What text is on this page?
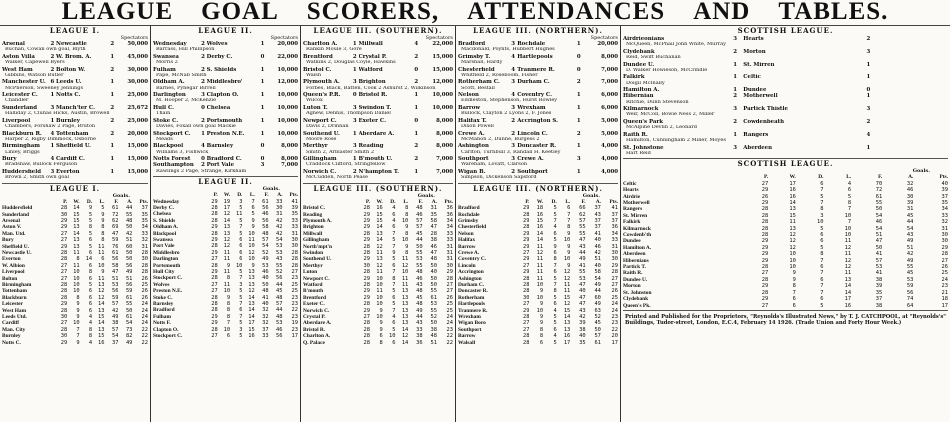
LEAGUE GOAL SCORERS, ATTENDANCES AND TABLES.
LEAGUE I.
Spectators
Arsenal	2	Newcastle	2	50,000
Buchan, Cowan own goal, Blyth
Aston Villa	2	W. Brom. A.	1	45,000
Walker, Capewell Byers
West Ham	2	Bolton W.	2	30,000
Gibbins, Watson Butler
Manchester U.	6	Leeds U.	1	30,000
McPherson, Sweeney Jennings
Leicester C.	1	Notts C.	1	25,000
Chandler
Sunderland	3	Manch'ter C.	2	25,672
Halliday 2, Clunas Hicks, Austin, Browell
Liverpool	1	Burnley	2	25,000
Chambers, Forshaw 2 Page, Bruton
Blackburn R.	4	Tottenham	2	20,000
Harper 2, Rigby Dimmock, Osborne
Birmingham	1	Sheffield U.	1	15,000
Linley, Briggs
Bury	4	Cardiff C.	1	15,000
Bradshaw, Bullock Ferguson
Huddersfield	3	Everton	1	15,000
Brown 2, Smith own goal
LEAGUE I.
Goals.
	P.	W.	D.	L.	F.	A.	Pts.
Huddersfield	28	14	9	5	61	44	37
Sunderland	30	15	5	9	72	55	35
Arsenal	29	15	5	9	62	48	35
Aston V.	29	13	8	8	69	50	34
Man. Utd.	27	14	5	8	47	42	33
Bury	27	13	6	8	59	51	32
Sheffield U.	29	13	5	11	76	60	31
Newcastle U.	28	11	6	11	61	50	28
Everton	28	8	14	6	56	50	30
W. Albion	27	11	6	10	58	56	28
Liverpool	27	10	8	9	47	49	28
Bolton	27	10	6	11	51	51	26
Birmingham	28	10	5	13	53	56	25
Tottenham	28	10	6	12	56	59	26
Blackburn	28	8	6	12	59	61	26
Leicester	29	9	6	14	57	55	24
West Ham	28	9	6	13	42	50	24
Leeds Utd.	30	9	4	15	49	61	24
Cardiff	27	10	4	14	38	54	24
Man. City	28	7	8	13	57	73	22
Burnley	30	7	8	15	54	82	22
Notts C.	29	9	4	16	37	49	22
LEAGUE II.
Spectators
Wednesday	2	Wolves	1	20,000
Barrass, Hill Phillipson
Swansea	2	Derby C.	0	22,000
Morris 2
Fulham	2	S. Shields	1	10,000
Pape, McNab Smith
Oldham A.	2	Middlesbro'	1	12,000
Barnes, Pynegar Birrell
Darlington	3	Clapton O.	1	10,000
M. Hooper 2, McKenzie
Hull C.	0	Chelsea	1	10,000
Thain
Stoke C.	2	Portsmouth	1	10,000
Davies, Foxall own goal Mackie
Stockport C.	1	Preston N.E.	1	10,000
Meads
Blackpool	4	Barnsley	0	8,000
Williams 3, Fishwick
Notts Forest	0	Bradford C.	0	8,000
Southampton	2	Port Vale	3	7,000
Rawlings 2 Page, Strange, Kirkham
LEAGUE II.
Goals.
	P.	W.	D.	L.	F.	A.	Pts.
Wednesday	29	19	3	7	61	33	41
Derby C.	28	17	5	6	56	30	39
Chelsea	28	12	11	5	46	31	35
S. Shields	28	14	5	9	56	42	33
Oldham A.	29	13	7	9	58	42	33
Blackpool	28	13	5	10	48	42	31
Swansea	29	12	6	11	57	54	30
Port Vale	28	12	6	10	54	53	30
Middlesbro	29	11	6	12	52	53	28
Darlington	27	11	6	10	49	43	28
Portsmouth	28	9	10	9	53	55	28
Hull City	29	11	5	13	46	52	27
Stockport C.	28	8	7	13	40	56	23
Wolves	27	11	3	13	50	44	25
Preston N.E.	27	10	5	12	48	45	25
Stoke C.	28	9	5	14	41	48	23
Barnsley	28	8	7	13	40	57	23
Bradford	28	8	6	14	32	44	22
Fulham	29	8	7	14	32	48	23
Notts F.	29	7	5	17	32	53	19
Clapton O.	28	10	3	15	37	46	23
Stockport C.	27	6	5	16	33	56	17
LEAGUE III. (SOUTHERN).
Spectators
Charlton A.	1	Millwall	4	22,000
Rankin Moule 3, Gore
Brentford	2	Crystal P.	2	15,000
Watkins 2, Douglas Coyle, Hawkins
Bristol C.	1	Watford	0	15,000
Walsh
Plymouth A.	3	Brighton	2	12,000
Forbes, Black, Batten, Cook 2 Ashurst 2, Wilkinson
Queen's P.R.	0	Bristol R.	1	10,000
Wilcox
Luton T.	3	Swindon T.	1	10,000
Agnew, Dennis, Thompson Daniel
Newport C.	3	Exeter C.	0	8,000
Davis 2, Drinnan
Southend U.	1	Aberdare A.	1	8,000
Moore Rose
Merthyr	3	Reading	2	8,000
Smith 2, Arblaster Smith 2
Gillingham	1	B'mouth U.	2	7,000
Craddock Clifford, Stringfellow
Norwich C.	2	N'hampton T.	1	7,000
McCudden, North Pease
LEAGUE III. (SOUTHERN).
Goals.
	P.	W.	D.	L.	F.	A.	Pts.
Bristol C.	28	16	4	8	48	31	36
Reading	29	15	6	8	46	35	36
Plymouth A.	29	15	4	10	57	58	34
Brighton	29	14	6	9	57	47	34
Millwall	28	13	7	8	45	28	33
Gillingham	29	14	5	10	44	38	33
North'mpt'n	28	12	7	9	50	46	31
Swindon	28	11	9	8	55	47	31
Southend U.	29	13	5	11	53	48	31
Merthyr	30	12	6	12	55	50	30
Luton	28	11	7	10	48	40	29
Newport C.	29	10	8	11	46	50	28
Watford	28	10	7	11	43	50	27
B'mouth	29	11	5	13	48	55	27
Brentford	29	10	6	13	45	61	26
Exeter C.	28	10	5	13	48	53	25
Norwich C.	29	9	7	13	49	55	25
Crystal P.	27	10	4	13	44	52	24
Aberdare A.	28	9	6	13	43	50	24
Bristol R.	28	9	5	14	33	38	23
Charlton A.	28	6	10	12	38	48	22
Q. Palace	28	8	6	14	36	51	22
LEAGUE III. (NORTHERN).
Spectators
Bradford	3	Rochdale	1	20,000
Macdonald, Poynts, Hubbert Hughes
Grimsby T.	4	Hartlepools	0	8,000
Marshall, Hardy
Chesterfield	4	Tranmere R.	0	7,000
Whitfield 2, Roseboom, Fisher
Rotherham C.	3	Durham C.	2	7,000
Scott, Bestall
Nelson	4	Coventry C.	1	6,000
Eddleston, Stephenson, Hurst Rowley
Barrow	3	Wrexham	1	6,000
Bullock, Clayton 2 Lyons 2, F. Jones
Halifax T.	2	Accrington S.	1	5,000
Dixon Powell
Crewe A.	2	Lincoln C.	2	5,000
McMahon 2, Dunne, Burgess 2
Ashington	3	Doncaster R.	1	4,000
Carlton, Turnbull 3, Randall H. Keetley
Southport	3	Crewe A.	3	4,000
Wareham, Lovatt, Clarson
Wigan B.	2	Southport	1	4,000
Simpson, Dickenson Sapsford
LEAGUE III. (NORTHERN).
Goals.
	P.	W.	D.	L.	F.	A.	Pts.
Bradford	29	18	5	6	66	37	41
Rochdale	28	16	5	7	62	43	37
Grimsby	29	15	7	7	57	37	37
Chesterfield	28	16	4	8	55	37	36
Nelson	29	14	6	9	55	41	34
Halifax	29	14	5	10	47	40	33
Barrow	29	11	9	9	43	46	31
Crewe A.	27	12	6	9	44	42	30
Coventry C.	29	11	8	10	49	51	30
Lincoln	27	11	7	9	41	40	29
Accrington	29	11	6	12	55	58	28
Ashington	28	11	5	12	53	54	27
Durham C.	28	10	7	11	47	49	27
Doncaster R.	28	9	8	11	40	44	26
Rotherham	30	10	5	15	47	60	25
Hartlepools	27	9	6	12	47	49	24
Tranmere R.	29	10	4	15	43	63	24
Wrexham	28	9	5	14	42	52	23
Wigan Boro	27	9	5	13	39	45	23
Southport	27	8	6	13	38	50	22
Barrow	28	8	4	16	40	57	20
Walsall	28	6	5	17	35	61	17
SCOTTISH LEAGUE.
Airdrieonians	3	Hearts	2	
McQueen, McPhail John White, Murray
Clydebank	2	Morton	3	
Reid, Swift Buchanan
Dundee U.	1	St. Mirren	1	
D. Walker Howieson, McCrindle
Falkirk	1	Celtic	1	
Doigil McInally
Hamilton A.	1	Dundee	0	
Hibernian	2	Motherwell	1	
Ritchie, Dunn Stevenson
Kilmarnock	3	Partick Thistle	3	
Weir, McColl, Bowie Ness 2, Miller
Queen's Park	2	Cowdenbeath	2	
McAlpine Devlin 2, Leonard
Raith R.	1	Rangers	4	
Hamilton, Cunningham 2 Miller, Moyes
St. Johnstone	3	Aberdeen	1	
Hart Reid
SCOTTISH LEAGUE.
Goals.
	P.	W.	D.	L.	F.	A.	Pts.
Celtic	27	17	6	4	70	32	40
Hearts	29	16	7	6	72	46	39
Airdrie	26	16	5	5	61	30	37
Motherwell	29	14	7	8	55	39	35
Rangers	28	13	8	7	50	31	34
St. Mirren	28	15	3	10	54	45	33
Falkirk	28	11	10	7	46	44	32
Kilmarnock	28	13	5	10	54	54	31
Cowdenb'th	28	12	6	10	51	43	30
Dundee	29	12	6	11	47	49	30
Hamilton A.	29	12	5	12	50	51	29
Aberdeen	29	10	8	11	41	42	28
Hibernians	29	10	7	12	57	49	27
Partick T.	28	10	6	12	53	55	26
Raith R.	27	9	7	11	41	45	25
Dundee U.	28	9	6	13	38	53	24
Morton	29	8	7	14	39	59	23
St. Johnston	28	7	7	14	35	56	21
Clydebank	29	6	6	17	37	74	18
Queen's Pk.	27	6	5	16	38	64	17
Printed and Published for the Proprietors, "Reynolds's Illustrated News," by T. J. CATCHPOOL, at "Reynolds's" Buildings, Tudor-street, London, E.C.4, February 14 1926. (Trade Union and Forty Hour Week.)
